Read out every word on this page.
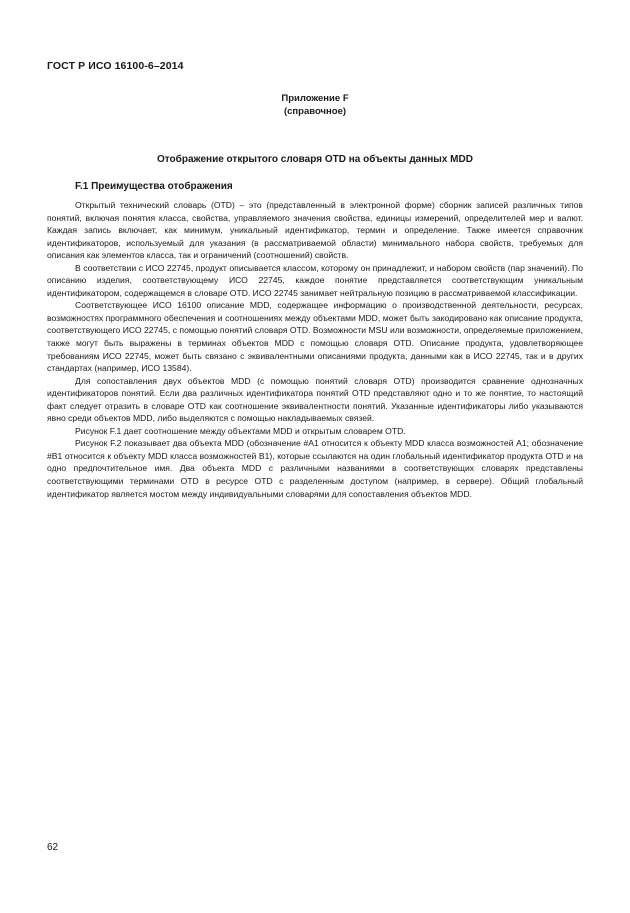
ГОСТ Р ИСО 16100-6–2014
Приложение F
(справочное)
Отображение открытого словаря OTD на объекты данных MDD
F.1 Преимущества отображения

Открытый технический словарь (OTD) – это (представленный в электронной форме) сборник записей различных типов понятий, включая понятия класса, свойства, управляемого значения свойства, единицы измерений, определителей мер и валют. Каждая запись включает, как минимум, уникальный идентификатор, термин и определение. Также имеется справочник идентификаторов, используемый для указания (в рассматриваемой области) минимального набора свойств, требуемых для описания как элементов класса, так и ограничений (соотношений) свойств.

В соответствии с ИСО 22745, продукт описывается классом, которому он принадлежит, и набором свойств (пар значений). По описанию изделия, соответствующему ИСО 22745, каждое понятие представляется соответствующим уникальным идентификатором, содержащемся в словаре OTD. ИСО 22745 занимает нейтральную позицию в рассматриваемой классификации.

Соответствующее ИСО 16100 описание MDD, содержащее информацию о производственной деятельности, ресурсах, возможностях программного обеспечения и соотношениях между объектами MDD, может быть закодировано как описание продукта, соответствующего ИСО 22745, с помощью понятий словаря OTD. Возможности MSU или возможности, определяемые приложением, также могут быть выражены в терминах объектов MDD с помощью словаря OTD. Описание продукта, удовлетворяющее требованиям ИСО 22745, может быть связано с эквивалентными описаниями продукта, данными как в ИСО 22745, так и в других стандартах (например, ИСО 13584).

Для сопоставления двух объектов MDD (с помощью понятий словаря OTD) производится сравнение однозначных идентификаторов понятий. Если два различных идентификатора понятий OTD представляют одно и то же понятие, то настоящий факт следует отразить в словаре OTD как соотношение эквивалентности понятий. Указанные идентификаторы либо указываются явно среди объектов MDD, либо выделяются с помощью накладываемых связей.

Рисунок F.1 дает соотношение между объектами MDD и открытым словарем OTD.

Рисунок F.2 показывает два объекта MDD (обозначение #A1 относится к объекту MDD класса возможностей A1; обозначение #B1 относится к объекту MDD класса возможностей B1), которые ссылаются на один глобальный идентификатор продукта OTD и на одно предпочтительное имя. Два объекта MDD с различными названиями в соответствующих словарях представлены соответствующими терминами OTD в ресурсе OTD с разделенным доступом (например, в сервере). Общий глобальный идентификатор является мостом между индивидуальными словарями для сопоставления объектов MDD.

62
